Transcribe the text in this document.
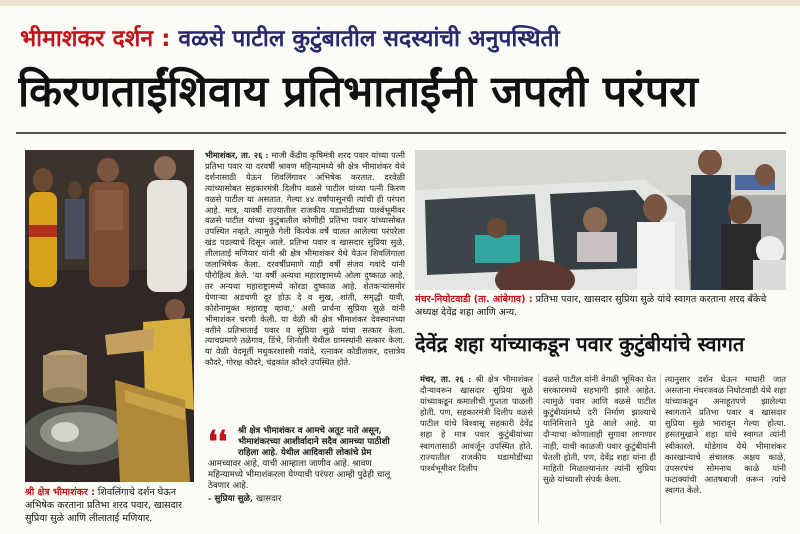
भीमाशंकर दर्शन : वळसे पाटील कुटुंबातील सदस्यांची अनुपस्थिती
किरणताईंशिवाय प्रतिभाताईंनी जपली परंपरा
श्री क्षेत्र भीमाशंकर : शिवलिंगाचे दर्शन घेऊन अभिषेक करताना प्रतिभा शरद पवार, खासदार सुप्रिया सुळे आणि लीलाताई मणियार.
भीमाशंकर, ता. २६ : माजी केंद्रीय कृषिमंत्री शरद पवार यांच्या पत्नी प्रतिभा पवार या दरवर्षी श्रावण महिन्यामध्ये श्री क्षेत्र भीमाशंकर येथे दर्शनासाठी येऊन शिवलिंगावर अभिषेक करतात. दरवेळी त्यांच्यासोबत सहकारमंत्री दिलीप वळसे पाटील यांच्या पत्नी किरण वळसे पाटील या असतात. गेल्या ४४ वर्षांपासूनची त्यांची ही परंपरा आहे. मात्र, यावर्षी राज्यातील राजकीय घडामोडीच्या पार्श्वभूमीवर वळसे पाटील यांच्या कुटुंबातील कोणीही प्रतिभा पवार यांच्यासोबत उपस्थित नव्हते. त्यामुळे गेली कित्येक वर्षे चालत आलेल्या परंपरेला खंड पडल्याचे दिसून आले. प्रतिभा पवार व खासदार सुप्रिया सुळे, लीलाताई मणियार यांनी श्री क्षेत्र भीमाशंकर येथे येऊन शिवलिंगाला जलाभिषेक केला. दरवर्षीप्रमाणे याही वर्षी संजय गवांदे यांनी पौरोहित्य केले. 'या वर्षी अन्यथा महाराष्ट्रामध्ये ओला दुष्काळ आहे, तर अन्यथा महाराष्ट्रामध्ये कोरडा दुष्काळ आहे. शेतकऱ्यांसमोर येणाऱ्या अडचणी दूर होऊ दे व सुख, शांती, समृद्धी यावी, कोरोनामुक्त महाराष्ट्र व्हावा,' अशी प्रार्थना सुप्रिया सुळे यांनी भीमाशंकर चरणी केली. या वेळी श्री क्षेत्र भीमाशंकर देवस्थानच्या वतीने प्रतिभाताई पवार व सुप्रिया सुळे यांचा सत्कार केला. त्याचप्रमाणे तळेगाव, डिंभे, शिनोली येथील ग्रामस्थांनी सत्कार केला. या वेळी वेदमूर्ती मधुकरशास्त्री गवांदे, रत्नाकर कोडीलकर, दत्तात्रेय कौदरे, गोरक्ष कौदरे, चंद्रकांत कौदरे उपस्थित होते.
❛❛	श्री क्षेत्र भीमाशंकर व आमचे अतूट नाते असून, भीमाशंकरच्या आशीर्वादाने सदैव आमच्या पाठीशी राहिला आहे. येथील आदिवासी लोकांचे प्रेम
आमच्यावर आहे, याची आम्हाला जाणीव आहे. श्रावण महिन्यामध्ये भीमाशंकरला येण्याची परंपरा आम्ही पुढेही चालू ठेवणार आहे.
- सुप्रिया सुळे, खासदार
मंचर-निघोटवाडी (ता. आंबेगाव) : प्रतिभा पवार, खासदार सुप्रिया सुळे यांचे स्वागत करताना शरद बँकेचे अध्यक्ष देवेंद्र शहा आणि अन्य.
देवेंद्र शहा यांच्याकडून पवार कुटुंबीयांचे स्वागत
मंचर, ता. २६ : श्री क्षेत्र भीमाशंकर दौऱ्यावरून खासदार सुप्रिया सुळे यांच्याकडून कमालीची गुप्तता पाळली होती. पण, सहकारमंत्री दिलीप वळसे पाटील यांचे विश्वासू सहकारी देवेंद्र शहा हे मात्र पवार कुटुंबीयांच्या स्वागतासाठी आवर्जून उपस्थित होते. राज्यातील राजकीय घडामोडींच्या पार्श्वभूमीवर दिलीप
वळसे पाटील यांनी वेगळी भूमिका घेत सरकारमध्ये सहभागी झाले आहेत. त्यामुळे पवार आणि वळसे पाटील कुटुंबीयांमध्ये दरी निर्माण झाल्याचे यानिमित्ताने पुढे आले आहे. या दौऱ्याचा कोणालाही सुगावा लागणार नाही, याची काळजी पवार कुटुंबीयांनी घेतली होती. पण, देवेंद्र शहा यांना ही माहिती मिळाल्यानंतर त्यांनी सुप्रिया सुळे यांच्याशी संपर्क केला.
त्यानुसार दर्शन घेऊन माघारी जात असताना मंचरजवळ निघोटवाडी येथे शहा यांच्याकडून अनाहूतपणे झालेल्या स्वागताने प्रतिभा पवार व खासदार सुप्रिया सुळे भारावून गेल्या होत्या. हसतमुखाने शहा यांचे स्वागत त्यांनी स्वीकारले. थोडेगाव येथे भीमाशंकर कारखान्याचे संचालक अक्षय काळे, उपसरपंच सोमनाथ काळे यांनी फटाक्यांची आतषबाजी करून त्यांचे स्वागत केले.
